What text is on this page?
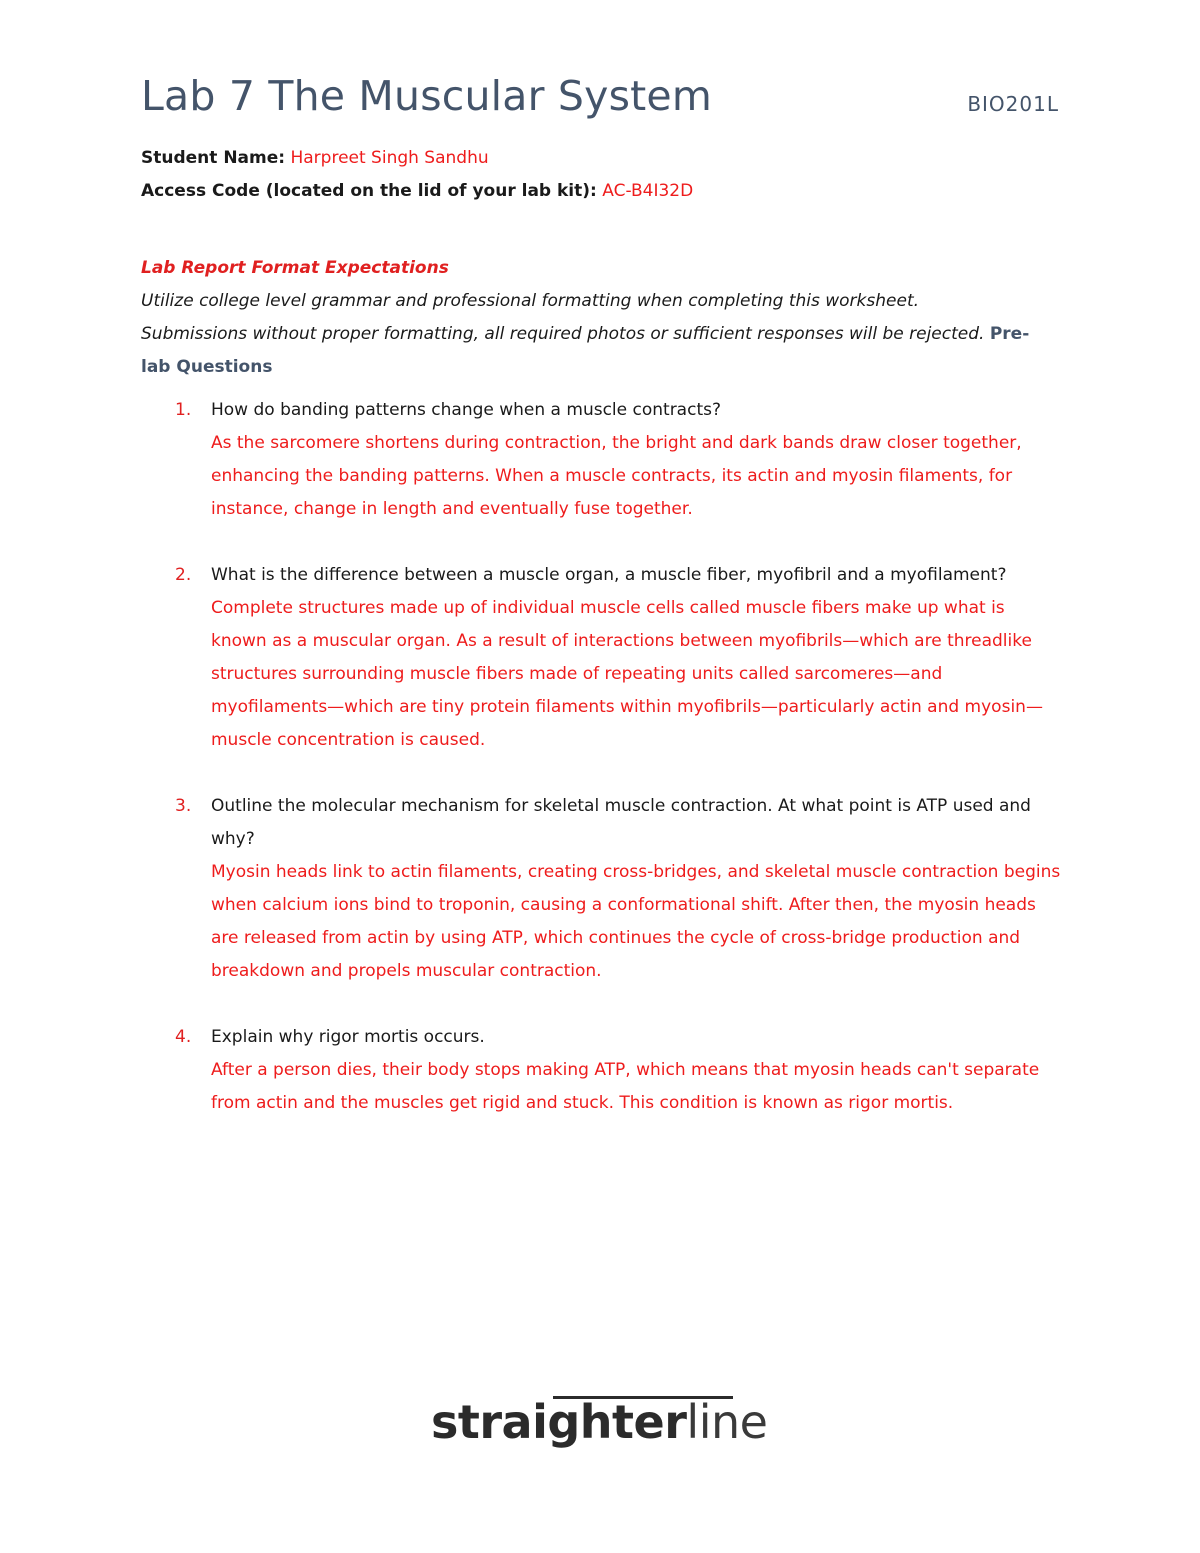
Lab 7 The Muscular System	BIO201L
Student Name: Harpreet Singh Sandhu
Access Code (located on the lid of your lab kit): AC-B4I32D
Lab Report Format Expectations
Utilize college level grammar and professional formatting when completing this worksheet.
Submissions without proper formatting, all required photos or sufficient responses will be rejected. Pre-
lab Questions
1. How do banding patterns change when a muscle contracts?
As the sarcomere shortens during contraction, the bright and dark bands draw closer together, enhancing the banding patterns. When a muscle contracts, its actin and myosin filaments, for instance, change in length and eventually fuse together.
2. What is the difference between a muscle organ, a muscle fiber, myofibril and a myofilament?
Complete structures made up of individual muscle cells called muscle fibers make up what is known as a muscular organ. As a result of interactions between myofibrils—which are threadlike structures surrounding muscle fibers made of repeating units called sarcomeres—and myofilaments—which are tiny protein filaments within myofibrils—particularly actin and myosin—muscle concentration is caused.
3. Outline the molecular mechanism for skeletal muscle contraction. At what point is ATP used and why?
Myosin heads link to actin filaments, creating cross-bridges, and skeletal muscle contraction begins when calcium ions bind to troponin, causing a conformational shift. After then, the myosin heads are released from actin by using ATP, which continues the cycle of cross-bridge production and breakdown and propels muscular contraction.
4. Explain why rigor mortis occurs.
After a person dies, their body stops making ATP, which means that myosin heads can't separate from actin and the muscles get rigid and stuck. This condition is known as rigor mortis.
straighterline
